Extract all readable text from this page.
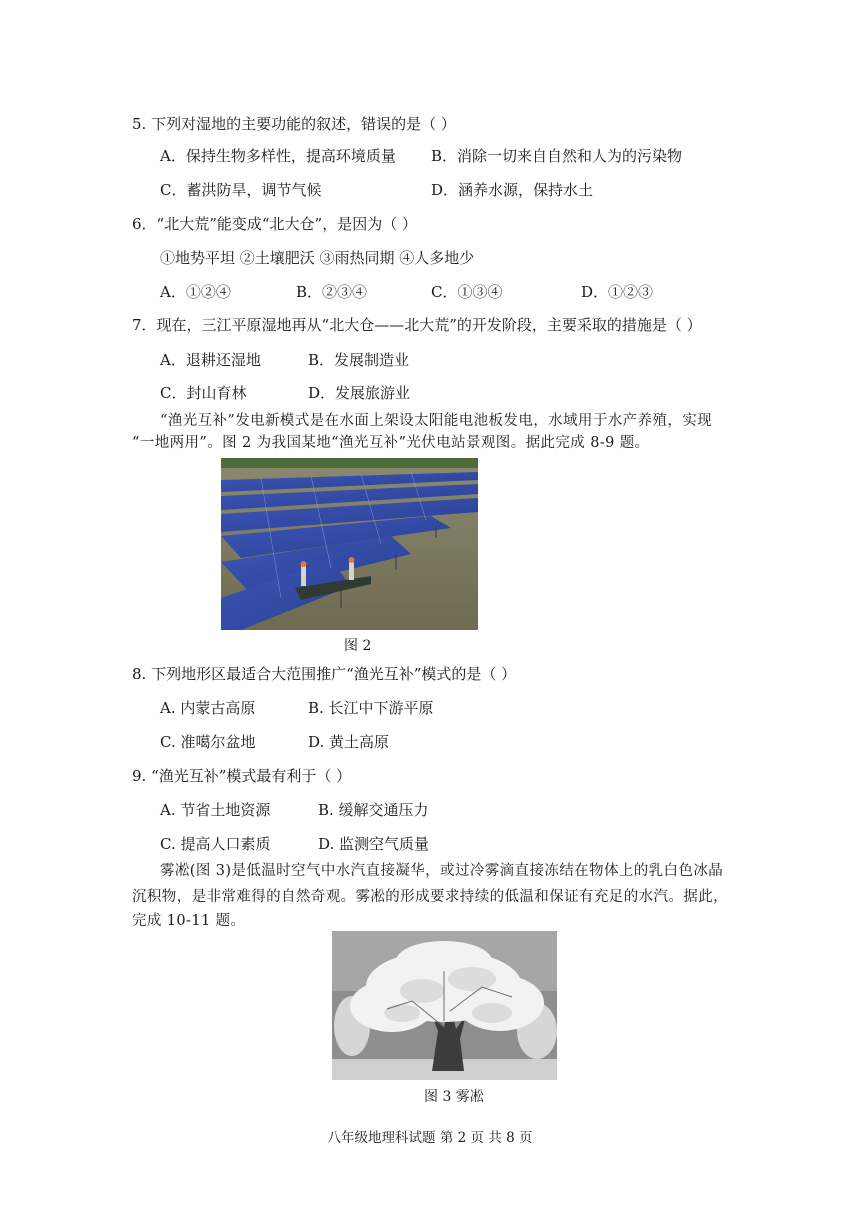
5. 下列对湿地的主要功能的叙述，错误的是（ ）
A．保持生物多样性，提高环境质量 B．消除一切来自自然和人为的污染物
C．蓄洪防旱，调节气候	D．涵养水源，保持水土
6．“北大荒”能变成“北大仓”，是因为（ ）
①地势平坦 ②土壤肥沃 ③雨热同期 ④人多地少
A．①②④	B．②③④	C．①③④	D．①②③
7．现在，三江平原湿地再从“北大仓——北大荒”的开发阶段，主要采取的措施是（ ）
A．退耕还湿地	B．发展制造业
C．封山育林	D．发展旅游业
“渔光互补”发电新模式是在水面上架设太阳能电池板发电，水域用于水产养殖，实现
“一地两用”。图 2 为我国某地“渔光互补”光伏电站景观图。据此完成 8-9 题。
图 2
8. 下列地形区最适合大范围推广“渔光互补”模式的是（ ）
A. 内蒙古高原	B. 长江中下游平原
C. 准噶尔盆地	D. 黄土高原
9. “渔光互补”模式最有利于（ ）
A. 节省土地资源	B. 缓解交通压力
C. 提高人口素质	D. 监测空气质量
雾凇(图 3)是低温时空气中水汽直接凝华，或过冷雾滴直接冻结在物体上的乳白色冰晶
沉积物，是非常难得的自然奇观。雾凇的形成要求持续的低温和保证有充足的水汽。据此，
完成 10-11 题。
图 3 雾凇
八年级地理科试题 第 2 页 共 8 页
